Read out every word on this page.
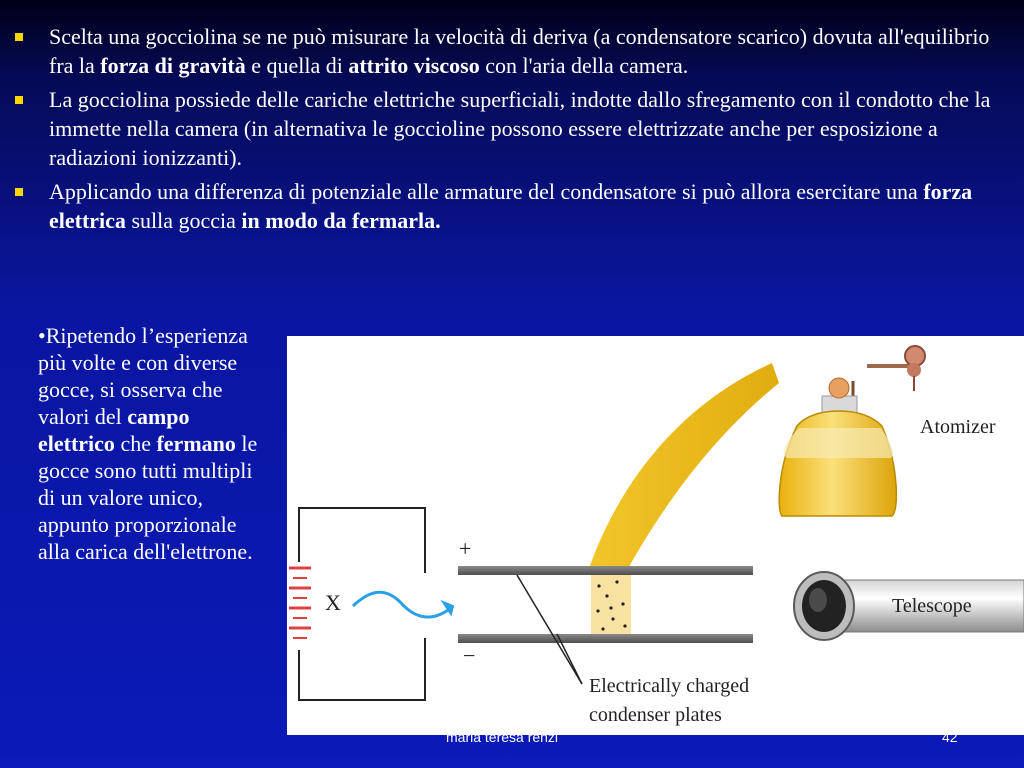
Scelta una gocciolina se ne può misurare la velocità di deriva (a condensatore scarico) dovuta all'equilibrio fra la forza di gravità e quella di attrito viscoso con l'aria della camera.
La gocciolina possiede delle cariche elettriche superficiali, indotte dallo sfregamento con il condotto che la immette nella camera (in alternativa le goccioline possono essere elettrizzate anche per esposizione a radiazioni ionizzanti).
Applicando una differenza di potenziale alle armature del condensatore si può allora esercitare una forza elettrica sulla goccia in modo da fermarla.
•Ripetendo l’esperienza più volte e con diverse gocce, si osserva che valori del campo elettrico che fermano le gocce sono tutti multipli di un valore unico, appunto proporzionale alla carica dell'elettrone.
Atomizer
+
−
X	Telescope
Electrically charged
condenser plates
maria teresa renzi	42
